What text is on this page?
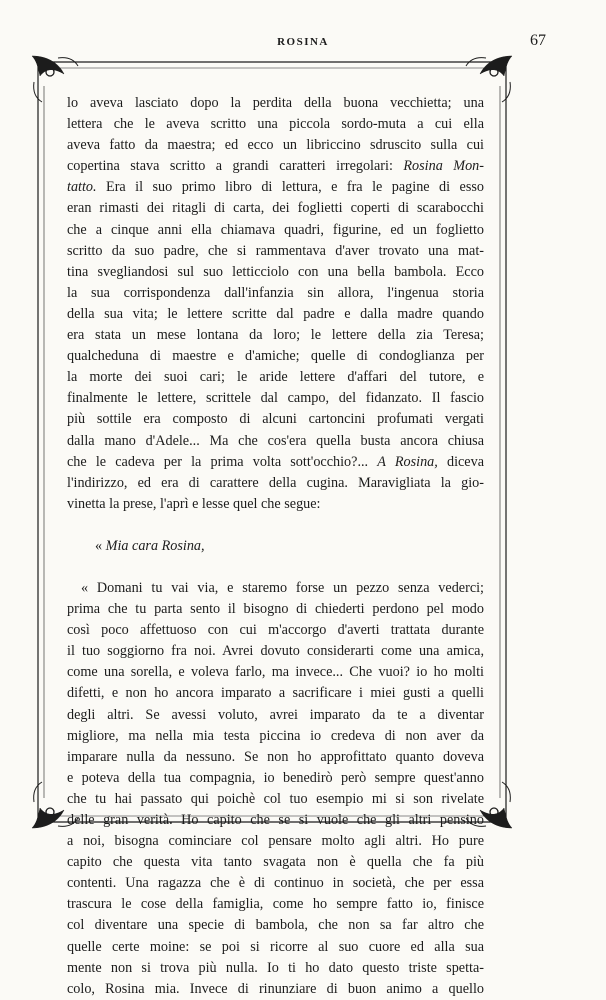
ROSINA	67

lo aveva lasciato dopo la perdita della buona vecchietta; una

lettera che le aveva scritto una piccola sordo-muta a cui ella

aveva fatto da maestra; ed ecco un libriccino sdruscito sulla cui

copertina stava scritto a grandi caratteri irregolari: Rosina Mon-

tatto. Era il suo primo libro di lettura, e fra le pagine di esso

eran rimasti dei ritagli di carta, dei foglietti coperti di scarabocchi

che a cinque anni ella chiamava quadri, figurine, ed un foglietto

scritto da suo padre, che si rammentava d'aver trovato una mat-

tina svegliandosi sul suo letticciolo con una bella bambola. Ecco

la sua corrispondenza dall'infanzia sin allora, l'ingenua storia

della sua vita; le lettere scritte dal padre e dalla madre quando

era stata un mese lontana da loro; le lettere della zia Teresa;

qualcheduna di maestre e d'amiche; quelle di condoglianza per

la morte dei suoi cari; le aride lettere d'affari del tutore, e

finalmente le lettere, scrittele dal campo, del fidanzato. Il fascio

più sottile era composto di alcuni cartoncini profumati vergati

dalla mano d'Adele... Ma che cos'era quella busta ancora chiusa

che le cadeva per la prima volta sott'occhio?... A Rosina, diceva

l'indirizzo, ed era di carattere della cugina. Maravigliata la gio-

vinetta la prese, l'aprì e lesse quel che segue:

« Mia cara Rosina,

« Domani tu vai via, e staremo forse un pezzo senza vederci;

prima che tu parta sento il bisogno di chiederti perdono pel modo

così poco affettuoso con cui m'accorgo d'averti trattata durante

il tuo soggiorno fra noi. Avrei dovuto considerarti come una amica,

come una sorella, e voleva farlo, ma invece... Che vuoi? io ho molti

difetti, e non ho ancora imparato a sacrificare i miei gusti a quelli

degli altri. Se avessi voluto, avrei imparato da te a diventar

migliore, ma nella mia testa piccina io credeva di non aver da

imparare nulla da nessuno. Se non ho approfittato quanto doveva

e poteva della tua compagnia, io benedirò però sempre quest'anno

che tu hai passato qui poichè col tuo esempio mi si son rivelate

delle gran verità. Ho capito che se si vuole che gli altri pensino

a noi, bisogna cominciare col pensare molto agli altri. Ho pure

capito che questa vita tanto svagata non è quella che fa più

contenti. Una ragazza che è di continuo in società, che per essa

trascura le cose della famiglia, come ho sempre fatto io, finisce

col diventare una specie di bambola, che non sa far altro che

quelle certe moine: se poi si ricorre al suo cuore ed alla sua

mente non si trova più nulla. Io ti ho dato questo triste spetta-

colo, Rosina mia. Invece di rinunziare di buon animo a quello
